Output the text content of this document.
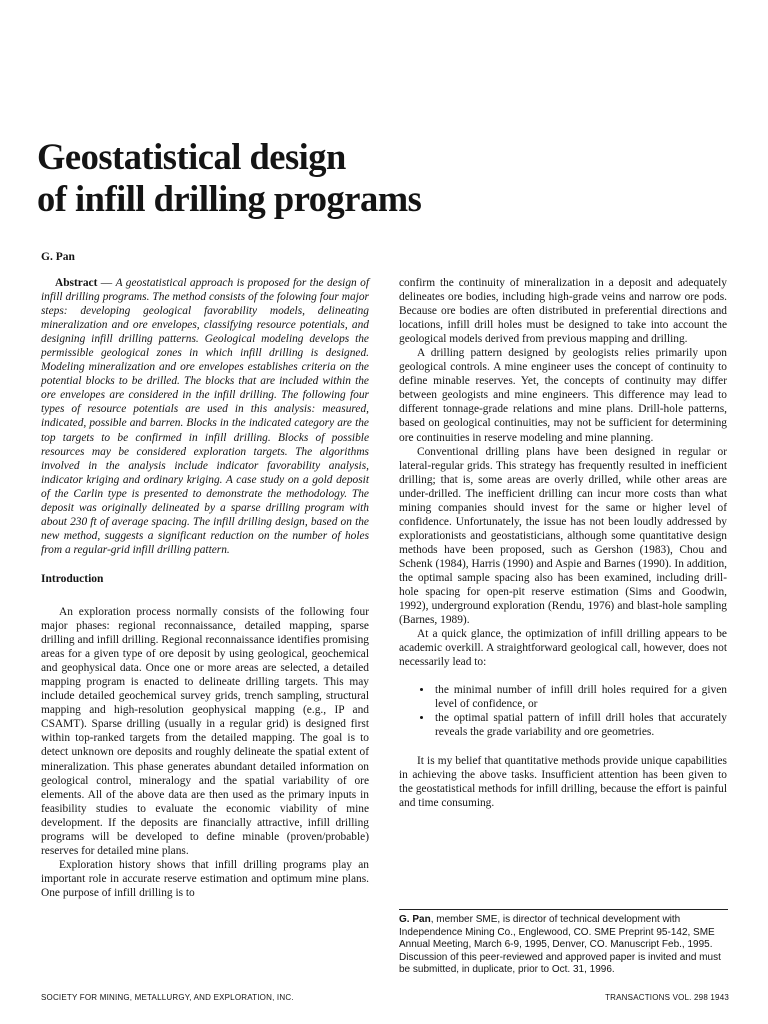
Geostatistical design
of infill drilling programs
G. Pan

Abstract — A geostatistical approach is proposed for the design of infill drilling programs. The method consists of the folowing four major steps: developing geological favorability models, delineating mineralization and ore envelopes, classifying resource potentials, and designing infill drilling patterns. Geological modeling develops the permissible geological zones in which infill drilling is designed. Modeling mineralization and ore envelopes establishes criteria on the potential blocks to be drilled. The blocks that are included within the ore envelopes are considered in the infill drilling. The following four types of resource potentials are used in this analysis: measured, indicated, possible and barren. Blocks in the indicated category are the top targets to be confirmed in infill drilling. Blocks of possible resources may be considered exploration targets. The algorithms involved in the analysis include indicator favorability analysis, indicator kriging and ordinary kriging. A case study on a gold deposit of the Carlin type is presented to demonstrate the methodology. The deposit was originally delineated by a sparse drilling program with about 230 ft of average spacing. The infill drilling design, based on the new method, suggests a significant reduction on the number of holes from a regular-grid infill drilling pattern.

Introduction

An exploration process normally consists of the following four major phases: regional reconnaissance, detailed mapping, sparse drilling and infill drilling. Regional reconnaissance identifies promising areas for a given type of ore deposit by using geological, geochemical and geophysical data. Once one or more areas are selected, a detailed mapping program is enacted to delineate drilling targets. This may include detailed geochemical survey grids, trench sampling, structural mapping and high-resolution geophysical mapping (e.g., IP and CSAMT). Sparse drilling (usually in a regular grid) is designed first within top-ranked targets from the detailed mapping. The goal is to detect unknown ore deposits and roughly delineate the spatial extent of mineralization. This phase generates abundant detailed information on geological control, mineralogy and the spatial variability of ore elements. All of the above data are then used as the primary inputs in feasibility studies to evaluate the economic viability of mine development. If the deposits are financially attractive, infill drilling programs will be developed to define minable (proven/probable) reserves for detailed mine plans.

Exploration history shows that infill drilling programs play an important role in accurate reserve estimation and optimum mine plans. One purpose of infill drilling is to

confirm the continuity of mineralization in a deposit and adequately delineates ore bodies, including high-grade veins and narrow ore pods. Because ore bodies are often distributed in preferential directions and locations, infill drill holes must be designed to take into account the geological models derived from previous mapping and drilling.

A drilling pattern designed by geologists relies primarily upon geological controls. A mine engineer uses the concept of continuity to define minable reserves. Yet, the concepts of continuity may differ between geologists and mine engineers. This difference may lead to different tonnage-grade relations and mine plans. Drill-hole patterns, based on geological continuities, may not be sufficient for determining ore continuities in reserve modeling and mine planning.

Conventional drilling plans have been designed in regular or lateral-regular grids. This strategy has frequently resulted in inefficient drilling; that is, some areas are overly drilled, while other areas are under-drilled. The inefficient drilling can incur more costs than what mining companies should invest for the same or higher level of confidence. Unfortunately, the issue has not been loudly addressed by explorationists and geostatisticians, although some quantitative design methods have been proposed, such as Gershon (1983), Chou and Schenk (1984), Harris (1990) and Aspie and Barnes (1990). In addition, the optimal sample spacing also has been examined, including drill-hole spacing for open-pit reserve estimation (Sims and Goodwin, 1992), underground exploration (Rendu, 1976) and blast-hole sampling (Barnes, 1989).

At a quick glance, the optimization of infill drilling appears to be academic overkill. A straightforward geological call, however, does not necessarily lead to:

• the minimal number of infill drill holes required for a given level of confidence, or
• the optimal spatial pattern of infill drill holes that accurately reveals the grade variability and ore geometries.

It is my belief that quantitative methods provide unique capabilities in achieving the above tasks. Insufficient attention has been given to the geostatistical methods for infill drilling, because the effort is painful and time consuming.

G. Pan, member SME, is director of technical development with Independence Mining Co., Englewood, CO. SME Preprint 95-142, SME Annual Meeting, March 6-9, 1995, Denver, CO. Manuscript Feb., 1995. Discussion of this peer-reviewed and approved paper is invited and must be submitted, in duplicate, prior to Oct. 31, 1996.
SOCIETY FOR MINING, METALLURGY, AND EXPLORATION, INC.	TRANSACTIONS VOL. 298 1943
